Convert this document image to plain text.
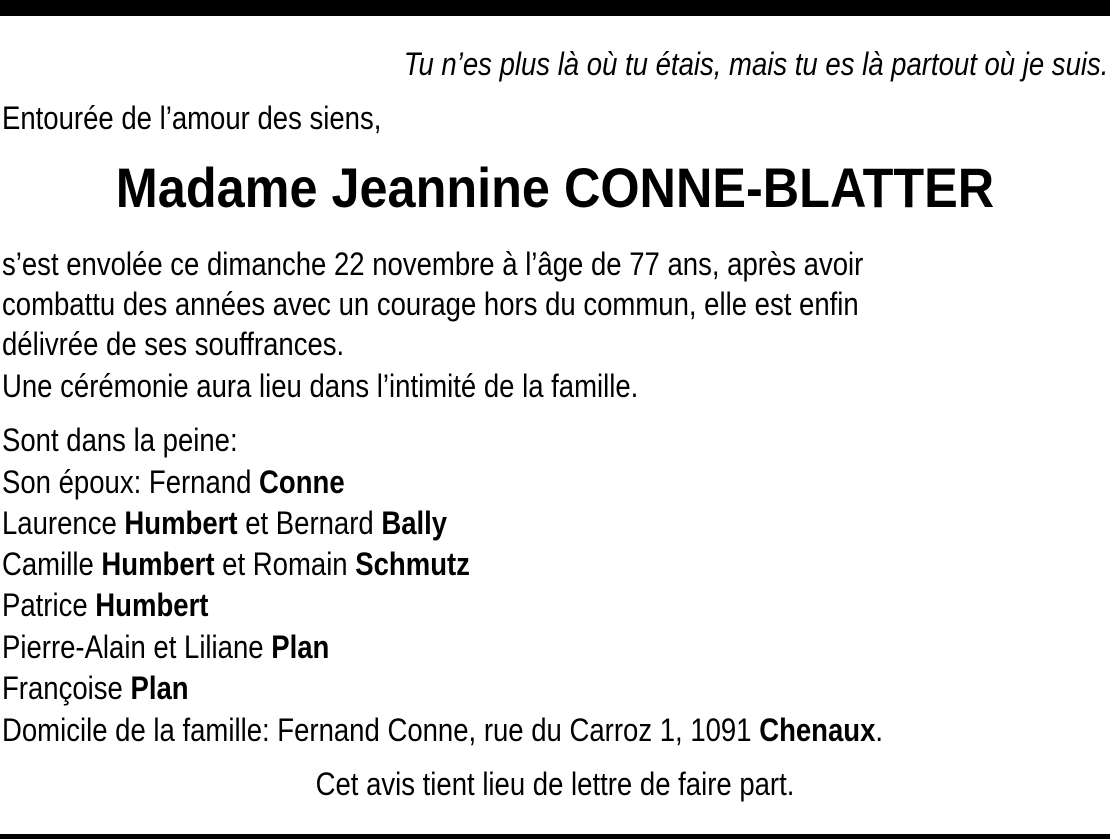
Tu n’es plus là où tu étais, mais tu es là partout où je suis.
Entourée de l’amour des siens,
Madame Jeannine CONNE-BLATTER
s’est envolée ce dimanche 22 novembre à l’âge de 77 ans, après avoir
combattu des années avec un courage hors du commun, elle est enfin
délivrée de ses souffrances.
Une cérémonie aura lieu dans l’intimité de la famille.
Sont dans la peine:
Son époux: Fernand Conne
Laurence Humbert et Bernard Bally
Camille Humbert et Romain Schmutz
Patrice Humbert
Pierre-Alain et Liliane Plan
Françoise Plan
Domicile de la famille: Fernand Conne, rue du Carroz 1, 1091 Chenaux.
Cet avis tient lieu de lettre de faire part.
